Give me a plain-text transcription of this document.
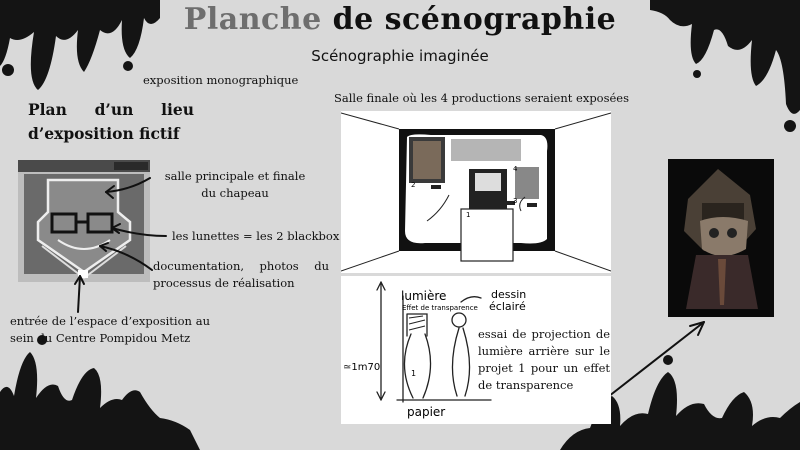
Planche de scénographie
Scénographie imaginée
exposition monographique
Plan d’un lieu d’exposition fictif
salle principale et finale du chapeau
les lunettes = les 2 blackbox
documentation, photos du processus de réalisation
entrée de l’espace d’exposition au sein du Centre Pompidou Metz
Salle finale où les 4 productions seraient exposées
2
1
3
4
lumière
Effet de transparence
dessin
éclairé
≃1m70
papier
1
essai de projection de lumière arrière sur le projet 1 pour un effet de transparence
